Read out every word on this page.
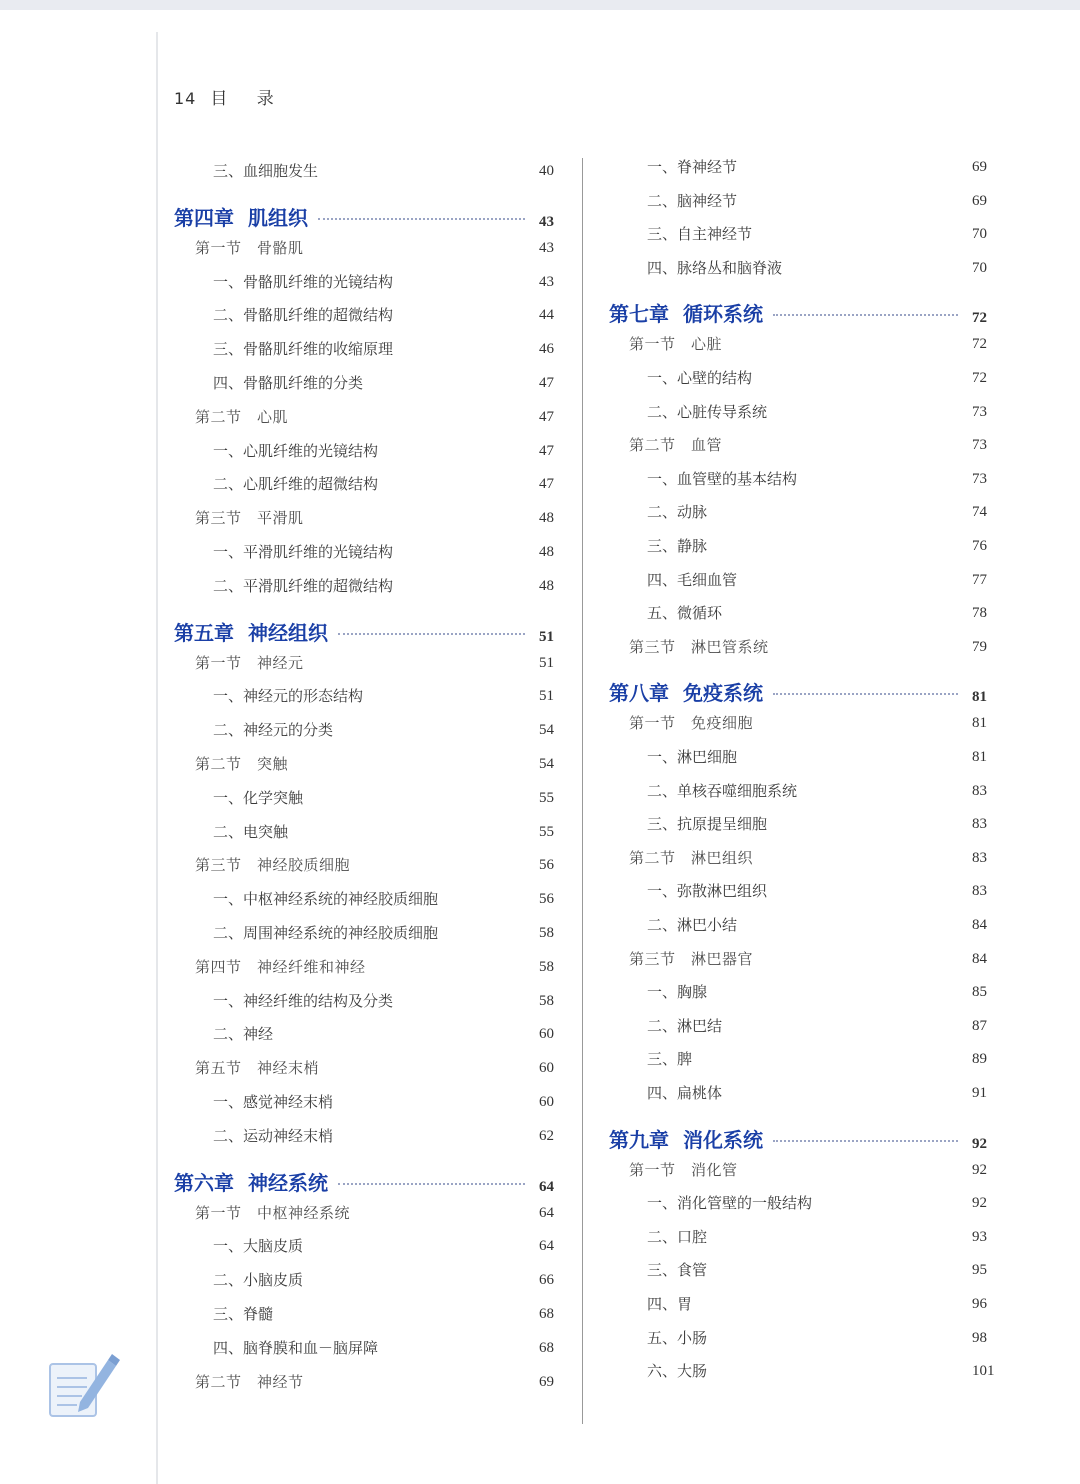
14 目 录
三、血细胞发生	40
第四章 肌组织	43
第一节　骨骼肌	43
一、骨骼肌纤维的光镜结构	43
二、骨骼肌纤维的超微结构	44
三、骨骼肌纤维的收缩原理	46
四、骨骼肌纤维的分类	47
第二节　心肌	47
一、心肌纤维的光镜结构	47
二、心肌纤维的超微结构	47
第三节　平滑肌	48
一、平滑肌纤维的光镜结构	48
二、平滑肌纤维的超微结构	48
第五章 神经组织	51
第一节　神经元	51
一、神经元的形态结构	51
二、神经元的分类	54
第二节　突触	54
一、化学突触	55
二、电突触	55
第三节　神经胶质细胞	56
一、中枢神经系统的神经胶质细胞	56
二、周围神经系统的神经胶质细胞	58
第四节　神经纤维和神经	58
一、神经纤维的结构及分类	58
二、神经	60
第五节　神经末梢	60
一、感觉神经末梢	60
二、运动神经末梢	62
第六章 神经系统	64
第一节　中枢神经系统	64
一、大脑皮质	64
二、小脑皮质	66
三、脊髓	68
四、脑脊膜和血－脑屏障	68
第二节　神经节	69
一、脊神经节	69
二、脑神经节	69
三、自主神经节	70
四、脉络丛和脑脊液	70
第七章 循环系统	72
第一节　心脏	72
一、心壁的结构	72
二、心脏传导系统	73
第二节　血管	73
一、血管壁的基本结构	73
二、动脉	74
三、静脉	76
四、毛细血管	77
五、微循环	78
第三节　淋巴管系统	79
第八章 免疫系统	81
第一节　免疫细胞	81
一、淋巴细胞	81
二、单核吞噬细胞系统	83
三、抗原提呈细胞	83
第二节　淋巴组织	83
一、弥散淋巴组织	83
二、淋巴小结	84
第三节　淋巴器官	84
一、胸腺	85
二、淋巴结	87
三、脾	89
四、扁桃体	91
第九章 消化系统	92
第一节　消化管	92
一、消化管壁的一般结构	92
二、口腔	93
三、食管	95
四、胃	96
五、小肠	98
六、大肠	101
